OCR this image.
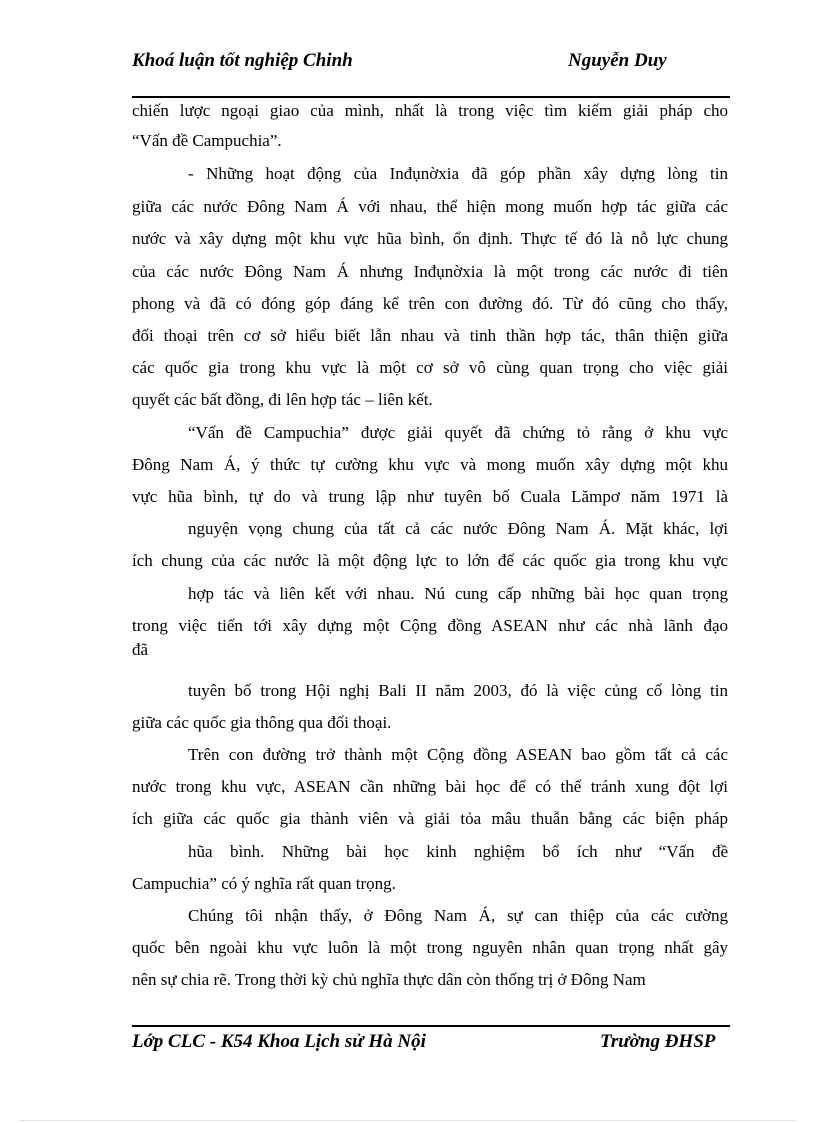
Khoá luận tốt nghiệp Chinh	Nguyễn Duy
chiến lược ngoại giao của mình, nhất là trong việc tìm kiếm giải pháp cho
“Vấn đề Campuchia”.
- Những hoạt động của Inđụnờxia đã góp phần xây dựng lòng tin
giữa các nước Đông Nam Á với nhau, thể hiện mong muốn hợp tác giữa các
nước và xây dựng một khu vực hũa bình, ổn định. Thực tế đó là nỗ lực chung
của các nước Đông Nam Á nhưng Inđụnờxia là một trong các nước đi tiên
phong và đã có đóng góp đáng kể trên con đường đó. Từ đó cũng cho thấy,
đối thoại trên cơ sở hiểu biết lẫn nhau và tinh thần hợp tác, thân thiện giữa
các quốc gia trong khu vực là một cơ sở vô cùng quan trọng cho việc giải
quyết các bất đồng, đi lên hợp tác – liên kết.
“Vấn đề Campuchia” được giải quyết đã chứng tỏ rằng ở khu vực
Đông Nam Á, ý thức tự cường khu vực và mong muốn xây dựng một khu
vực hũa bình, tự do và trung lập như tuyên bố Cuala Lămpơ năm 1971 là
nguyện vọng chung của tất cả các nước Đông Nam Á. Mặt khác, lợi
ích chung của các nước là một động lực to lớn để các quốc gia trong khu vực
hợp tác và liên kết với nhau. Nú cung cấp những bài học quan trọng
trong việc tiến tới xây dựng một Cộng đồng ASEAN như các nhà lãnh đạo
đã
tuyên bố trong Hội nghị Bali II năm 2003, đó là việc củng cố lòng tin
giữa các quốc gia thông qua đối thoại.
Trên con đường trở thành một Cộng đồng ASEAN bao gồm tất cả các
nước trong khu vực, ASEAN cần những bài học để có thể tránh xung đột lợi
ích giữa các quốc gia thành viên và giải tỏa mâu thuẫn bằng các biện pháp
hũa bình. Những bài học kinh nghiệm bổ ích như “Vấn đề
Campuchia” có ý nghĩa rất quan trọng.
Chúng tôi nhận thấy, ở Đông Nam Á, sự can thiệp của các cường
quốc bên ngoài khu vực luôn là một trong nguyên nhân quan trọng nhất gây
nên sự chia rẽ. Trong thời kỳ chủ nghĩa thực dân còn thống trị ở Đông Nam
Lớp CLC - K54 Khoa Lịch sử Hà Nội	Trường ĐHSP
